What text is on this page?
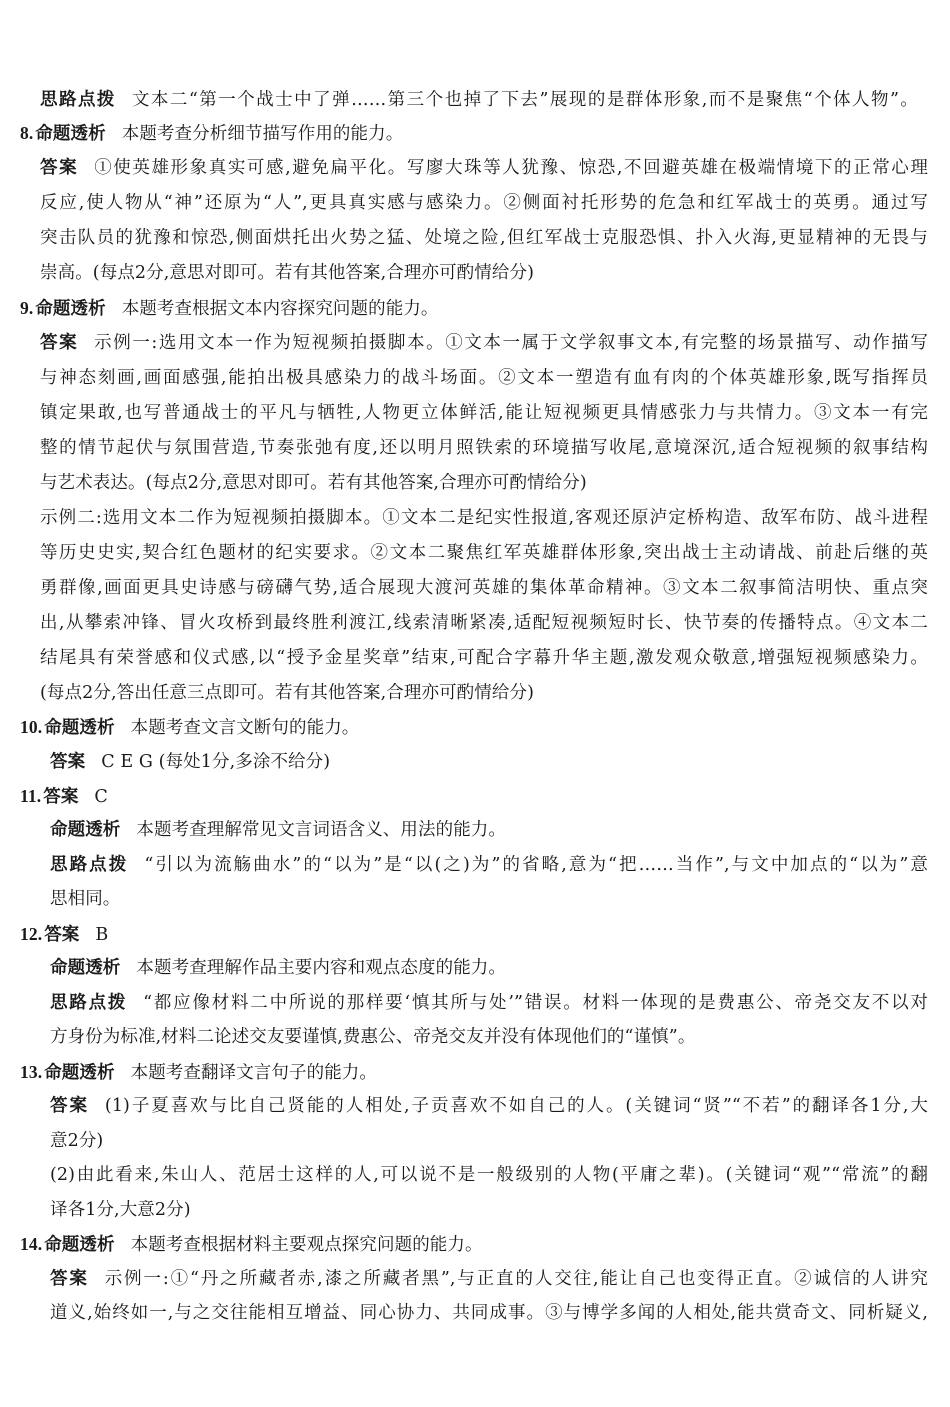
思路点拨 文本二“第一个战士中了弹……第三个也掉了下去”展现的是群体形象,而不是聚焦“个体人物”。
8. 命题透析 本题考查分析细节描写作用的能力。
答案 ①使英雄形象真实可感,避免扁平化。写廖大珠等人犹豫、惊恐,不回避英雄在极端情境下的正常心理
反应,使人物从“神”还原为“人”,更具真实感与感染力。②侧面衬托形势的危急和红军战士的英勇。通过写
突击队员的犹豫和惊恐,侧面烘托出火势之猛、处境之险,但红军战士克服恐惧、扑入火海,更显精神的无畏与
崇高。(每点2分,意思对即可。若有其他答案,合理亦可酌情给分)
9. 命题透析 本题考查根据文本内容探究问题的能力。
答案 示例一:选用文本一作为短视频拍摄脚本。①文本一属于文学叙事文本,有完整的场景描写、动作描写
与神态刻画,画面感强,能拍出极具感染力的战斗场面。②文本一塑造有血有肉的个体英雄形象,既写指挥员
镇定果敢,也写普通战士的平凡与牺牲,人物更立体鲜活,能让短视频更具情感张力与共情力。③文本一有完
整的情节起伏与氛围营造,节奏张弛有度,还以明月照铁索的环境描写收尾,意境深沉,适合短视频的叙事结构
与艺术表达。(每点2分,意思对即可。若有其他答案,合理亦可酌情给分)
示例二:选用文本二作为短视频拍摄脚本。①文本二是纪实性报道,客观还原泸定桥构造、敌军布防、战斗进程
等历史史实,契合红色题材的纪实要求。②文本二聚焦红军英雄群体形象,突出战士主动请战、前赴后继的英
勇群像,画面更具史诗感与磅礴气势,适合展现大渡河英雄的集体革命精神。③文本二叙事简洁明快、重点突
出,从攀索冲锋、冒火攻桥到最终胜利渡江,线索清晰紧凑,适配短视频短时长、快节奏的传播特点。④文本二
结尾具有荣誉感和仪式感,以“授予金星奖章”结束,可配合字幕升华主题,激发观众敬意,增强短视频感染力。
(每点2分,答出任意三点即可。若有其他答案,合理亦可酌情给分)
10. 命题透析 本题考查文言文断句的能力。
答案 C E G (每处1分,多涂不给分)
11. 答案 C
命题透析 本题考查理解常见文言词语含义、用法的能力。
思路点拨 “引以为流觞曲水”的“以为”是“以(之)为”的省略,意为“把……当作”,与文中加点的“以为”意
思相同。
12. 答案 B
命题透析 本题考查理解作品主要内容和观点态度的能力。
思路点拨 “都应像材料二中所说的那样要‘慎其所与处’”错误。材料一体现的是费惠公、帝尧交友不以对
方身份为标准,材料二论述交友要谨慎,费惠公、帝尧交友并没有体现他们的“谨慎”。
13. 命题透析 本题考查翻译文言句子的能力。
答案 (1)子夏喜欢与比自己贤能的人相处,子贡喜欢不如自己的人。(关键词“贤”“不若”的翻译各1分,大
意2分)
(2)由此看来,朱山人、范居士这样的人,可以说不是一般级别的人物(平庸之辈)。(关键词“观”“常流”的翻
译各1分,大意2分)
14. 命题透析 本题考查根据材料主要观点探究问题的能力。
答案 示例一:①“丹之所藏者赤,漆之所藏者黑”,与正直的人交往,能让自己也变得正直。②诚信的人讲究
道义,始终如一,与之交往能相互增益、同心协力、共同成事。③与博学多闻的人相处,能共赏奇文、同析疑义,
